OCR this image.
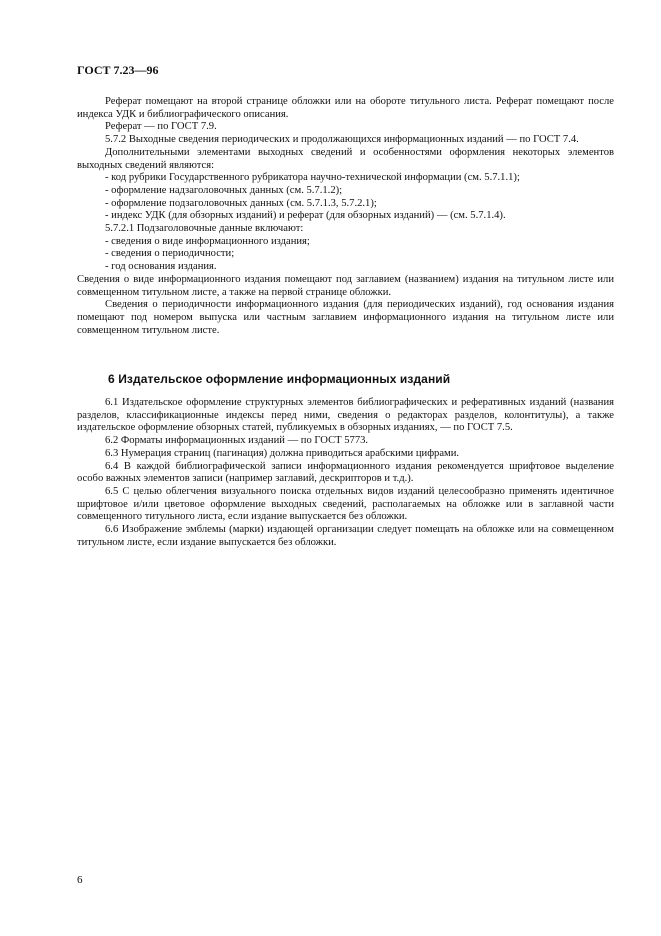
ГОСТ 7.23—96

Реферат помещают на второй странице обложки или на обороте титульного листа. Реферат помещают после индекса УДК и библиографического описания.

Реферат — по ГОСТ 7.9.

5.7.2 Выходные сведения периодических и продолжающихся информационных изданий — по ГОСТ 7.4.

Дополнительными элементами выходных сведений и особенностями оформления некоторых элементов выходных сведений являются:

- код рубрики Государственного рубрикатора научно-технической информации (см. 5.7.1.1);

- оформление надзаголовочных данных (см. 5.7.1.2);

- оформление подзаголовочных данных (см. 5.7.1.3, 5.7.2.1);

- индекс УДК (для обзорных изданий) и реферат (для обзорных изданий) — (см. 5.7.1.4).

5.7.2.1 Подзаголовочные данные включают:

- сведения о виде информационного издания;

- сведения о периодичности;

- год основания издания.

Сведения о виде информационного издания помещают под заглавием (названием) издания на титульном листе или совмещенном титульном листе, а также на первой странице обложки.

Сведения о периодичности информационного издания (для периодических изданий), год основания издания помещают под номером выпуска или частным заглавием информационного издания на титульном листе или совмещенном титульном листе.

6 Издательское оформление информационных изданий

6.1 Издательское оформление структурных элементов библиографических и реферативных изданий (названия разделов, классификационные индексы перед ними, сведения о редакторах разделов, колонтитулы), а также издательское оформление обзорных статей, публикуемых в обзорных изданиях, — по ГОСТ 7.5.

6.2 Форматы информационных изданий — по ГОСТ 5773.

6.3 Нумерация страниц (пагинация) должна приводиться арабскими цифрами.

6.4 В каждой библиографической записи информационного издания рекомендуется шрифтовое выделение особо важных элементов записи (например заглавий, дескрипторов и т.д.).

6.5 С целью облегчения визуального поиска отдельных видов изданий целесообразно применять идентичное шрифтовое и/или цветовое оформление выходных сведений, располагаемых на обложке или в заглавной части совмещенного титульного листа, если издание выпускается без обложки.

6.6 Изображение эмблемы (марки) издающей организации следует помещать на обложке или на совмещенном титульном листе, если издание выпускается без обложки.

6
